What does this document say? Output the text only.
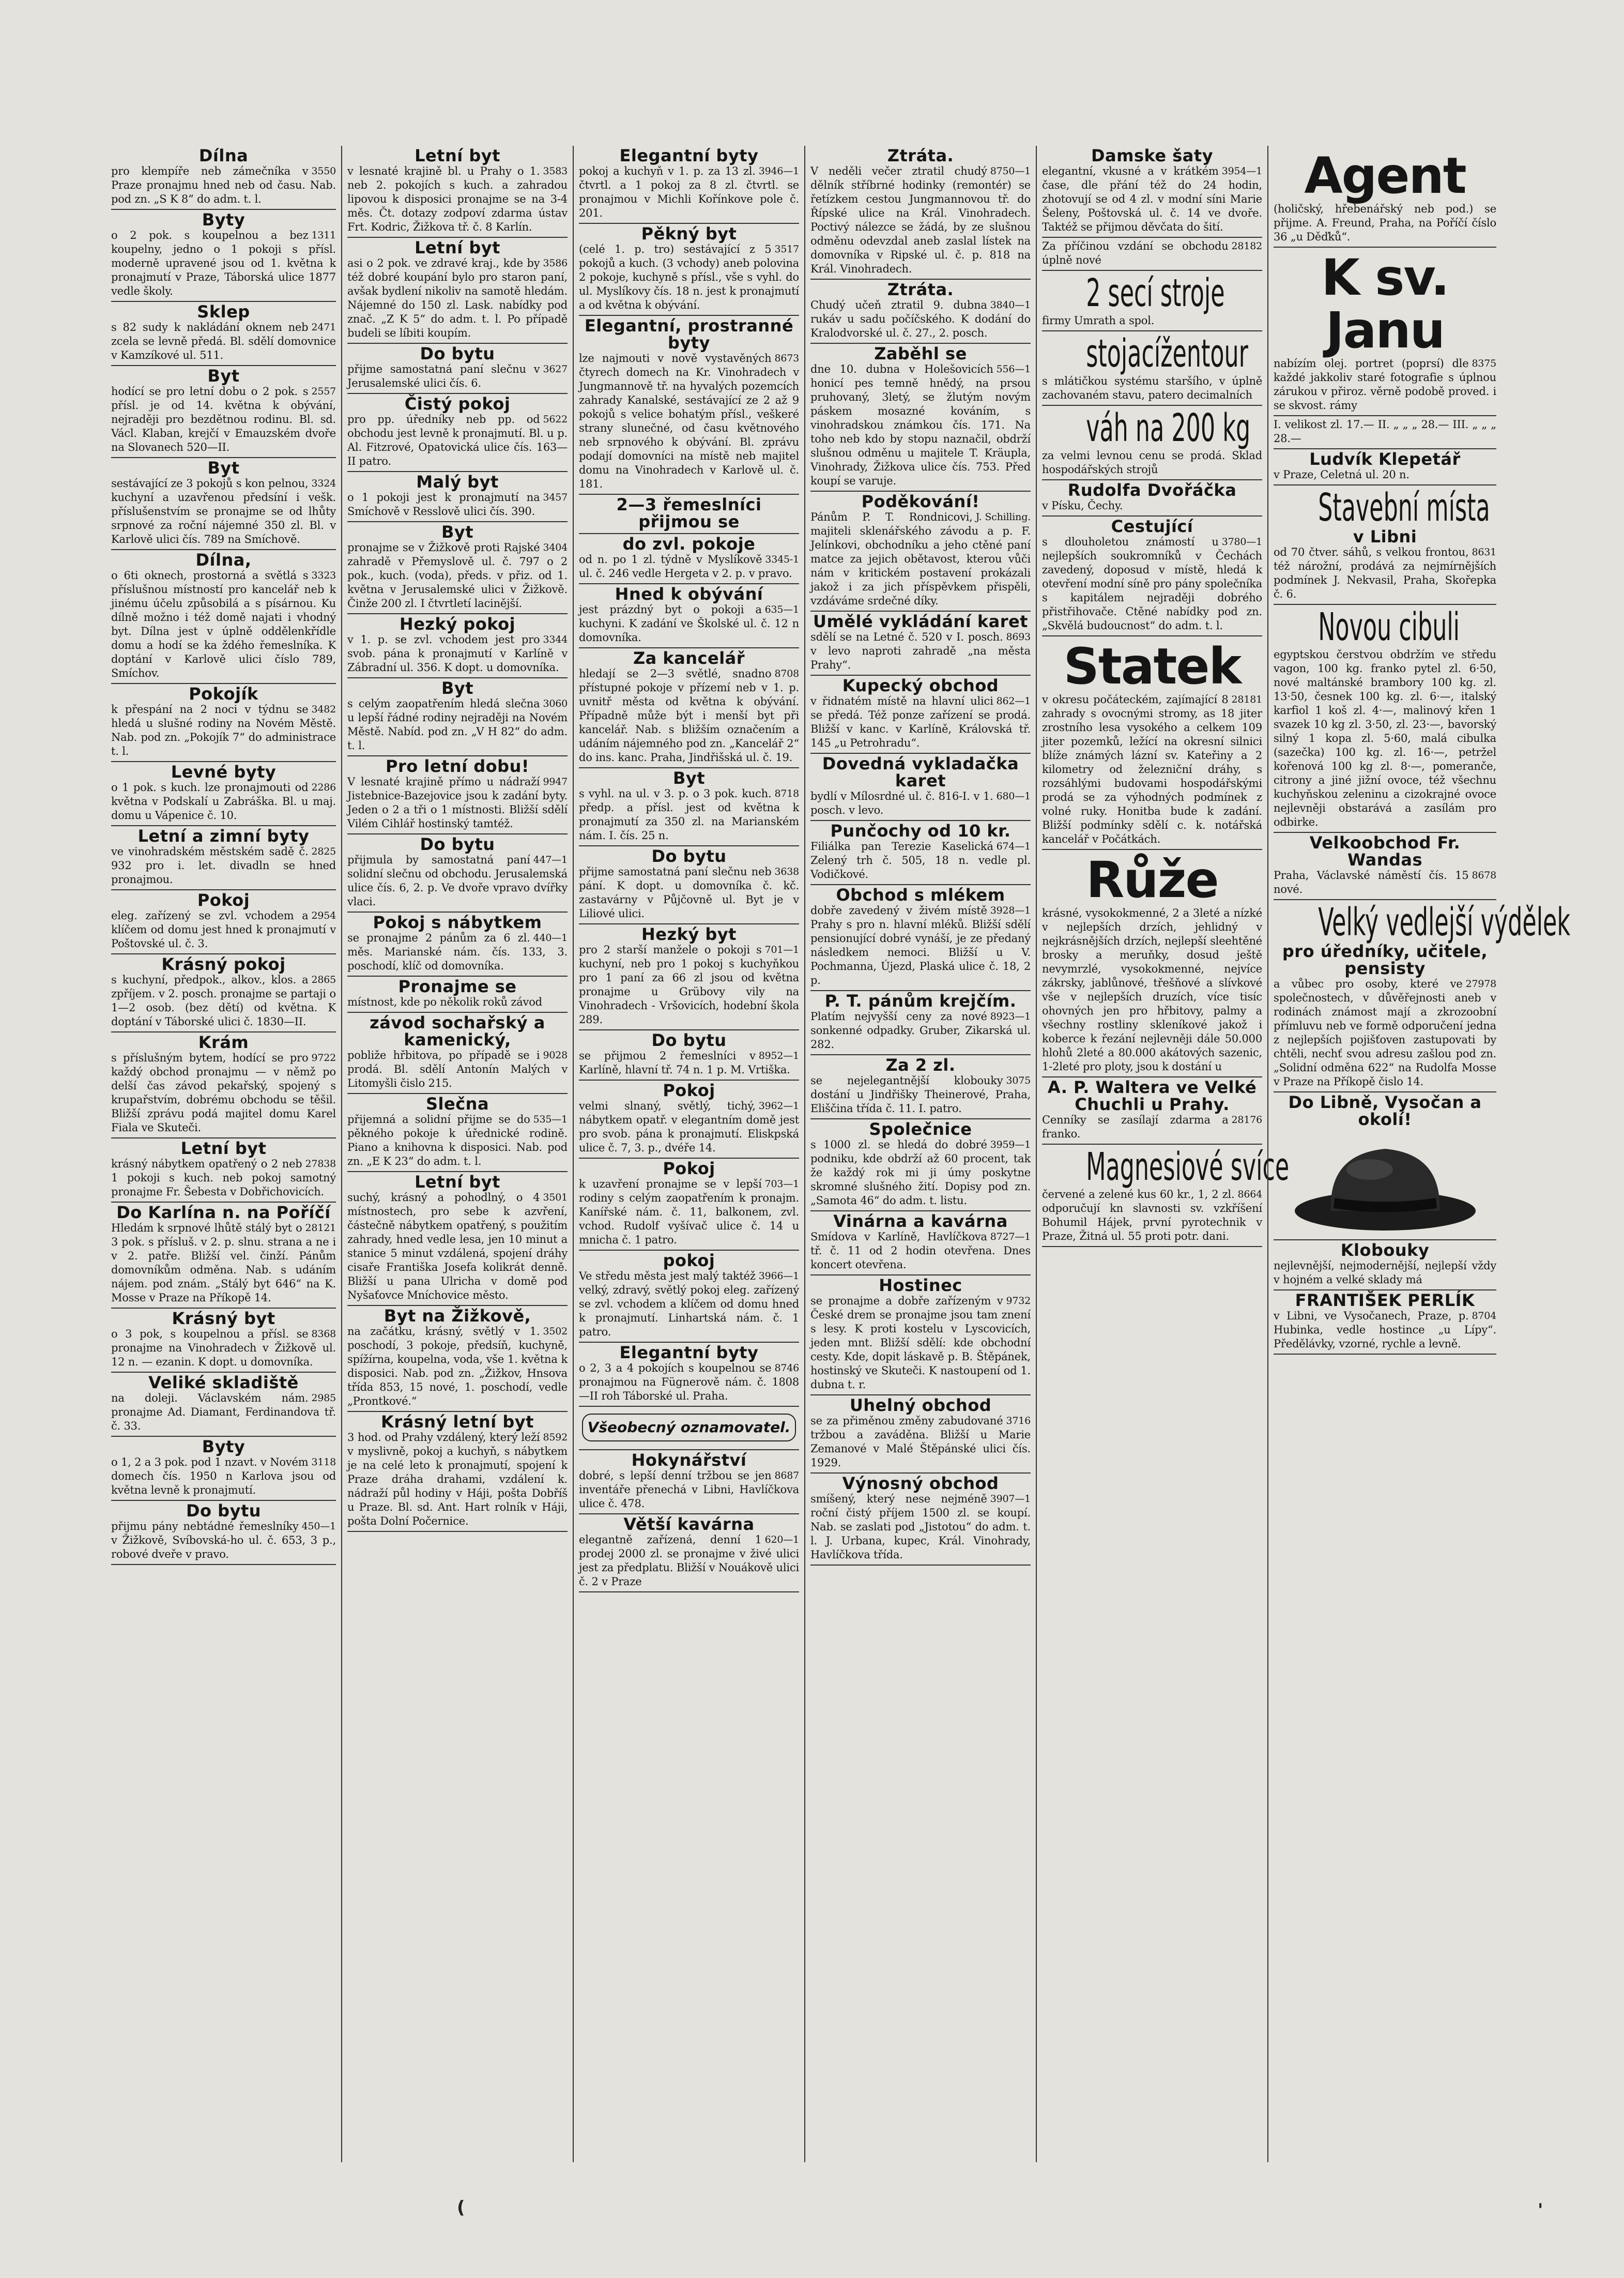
Dílna

3550
pro klempíře neb zámečníka v Praze pronajmu hned neb od času. Nab. pod zn. „S K 8“ do adm. t. l.

Byty

1311
o 2 pok. s koupelnou a bez koupelny, jedno o 1 pokoji s přísl. moderně upravené jsou od 1. května k pronajmutí v Praze, Táborská ulice 1877 vedle školy.

Sklep

2471
s 82 sudy k nakládání oknem neb zcela se levně předá. Bl. sdělí domovnice v Kamzíkové ul. 511.

Byt

2557
hodící se pro letní dobu o 2 pok. s přísl. je od 14. května k obývání, nejraději pro bezdětnou rodinu. Bl. sd. Václ. Klaban, krejčí v Emauzském dvoře na Slovanech 520—II.

Byt

3324
sestávající ze 3 pokojů s kon pelnou, kuchyní a uzavřenou předsíní i vešk. příslušenstvím se pronajme se od lhůty srpnové za roční nájemné 350 zl. Bl. v Karlově ulici čís. 789 na Smíchově.

Dílna,

3323
o 6ti oknech, prostorná a světlá s příslušnou místností pro kancelář neb k jinému účelu způsobilá a s písárnou. Ku dílně možno i též domě najati i vhodný byt. Dílna jest v úplně oddělenkřídle domu a hodí se ka ždého řemeslníka. K doptání v Karlově ulici číslo 789, Smíchov.

Pokojík

3482
k přespání na 2 noci v týdnu se hledá u slušné rodiny na Novém Městě. Nab. pod zn. „Pokojík 7“ do administrace t. l.

Levné byty

2286
o 1 pok. s kuch. lze pronajmouti od května v Podskalí u Zabráška. Bl. u maj. domu u Vápenice č. 10.

Letní a zimní byty

2825
ve vinohradském městském sadě č. 932 pro i. let. divadln se hned pronajmou.

Pokoj

2954
eleg. zařízený se zvl. vchodem a klíčem od domu jest hned k pronajmutí v Poštovské ul. č. 3.

Krásný pokoj

2865
s kuchyní, předpok., alkov., klos. a zpříjem. v 2. posch. pronajme se partaji o 1—2 osob. (bez dětí) od května. K doptání v Táborské ulici č. 1830—II.

Krám

9722
s příslušným bytem, hodící se pro každý obchod pronajmu — v němž po delší čas závod pekařský, spojený s krupařstvím, dobrému obchodu se těšil. Bližší zprávu podá majitel domu Karel Fiala ve Skuteči.

Letní byt

27838
krásný nábytkem opatřený o 2 neb 1 pokoji s kuch. neb pokoj samotný pronajme Fr. Šebesta v Dobřichovicích.

Do Karlína n. na Poříčí

28121
Hledám k srpnové lhůtě stálý byt o 3 pok. s přísluš. v 2. p. slnu. strana a ne i v 2. patře. Bližší vel. činží. Pánům domovníkům odměna. Nab. s udáním nájem. pod znám. „Stálý byt 646“ na K. Mosse v Praze na Příkopě 14.

Krásný byt

8368
o 3 pok, s koupelnou a přísl. se pronajme na Vinohradech v Žižkově ul. 12 n. — ezanin. K dopt. u domovníka.

Veliké skladiště

2985
na doleji. Václavském nám. pronajme Ad. Diamant, Ferdinandova tř. č. 33.

Byty

3118
o 1, 2 a 3 pok. pod 1 nzavt. v Novém domech čís. 1950 n Karlova jsou od května levně k pronajmutí.

Do bytu

450—1
přijmu pány nebtádné řemeslníky v Žižkově, Svíbovská-ho ul. č. 653, 3 p., robové dveře v pravo.

Letní byt

3583
v lesnaté krajině bl. u Prahy o 1. neb 2. pokojích s kuch. a zahradou lipovou k disposici pronajme se na 3-4 měs. Čt. dotazy zodpoví zdarma ústav Frt. Kodric, Žižkova tř. č. 8 Karlín.

Letní byt

3586
asi o 2 pok. ve zdravé kraj., kde by též dobré koupání bylo pro staron paní, avšak bydlení nikoliv na samotě hledám. Nájemné do 150 zl. Lask. nabídky pod znač. „Z K 5“ do adm. t. l. Po případě budeli se líbiti koupím.

Do bytu

3627
přijme samostatná paní slečnu v Jerusalemské ulici čís. 6.

Čistý pokoj

5622
pro pp. úředníky neb pp. od obchodu jest levně k pronajmutí. Bl. u p. Al. Fitzrové, Opatovická ulice čís. 163—II patro.

Malý byt

3457
o 1 pokoji jest k pronajmutí na Smíchově v Resslově ulici čís. 390.

Byt

3404
pronajme se v Žižkově proti Rajské zahradě v Přemyslově ul. č. 797 o 2 pok., kuch. (voda), předs. v přiz. od 1. května v Jerusalemské ulici v Žižkově. Činže 200 zl. I čtvrtletí lacinější.

Hezký pokoj

3344
v 1. p. se zvl. vchodem jest pro svob. pána k pronajmutí v Karlíně v Zábradní ul. 356. K dopt. u domovníka.

Byt

3060
s celým zaopatřením hledá slečna u lepší řádné rodiny nejraději na Novém Městě. Nabíd. pod zn. „V H 82“ do adm. t. l.

Pro letní dobu!

9947
V lesnaté krajině přímo u nádraží Jistebnice-Bazejovice jsou k zadání byty. Jeden o 2 a tři o 1 místnosti. Bližší sdělí Vilém Cihlář hostinský tamtéž.

Do bytu

447—1
přijmula by samostatná paní solidní slečnu od obchodu. Jerusalemská ulice čís. 6, 2. p. Ve dvoře vpravo dvířky vlaci.

Pokoj s nábytkem

440—1
se pronajme 2 pánům za 6 zl. měs. Marianské nám. čís. 133, 3. poschodí, klíč od domovníka.

Pronajme se

místnost, kde po několik roků závod

závod sochařský a kamenický,

9028
pobliže hřbitova, po případě se i prodá. Bl. sdělí Antonín Malých v Litomyšli čislo 215.

Slečna

535—1
přijemná a solidní přijme se do pěkného pokoje k úřednické rodině. Piano a knihovna k disposici. Nab. pod zn. „E K 23“ do adm. t. l.

Letní byt

3501
suchý, krásný a pohodlný, o 4 místnostech, pro sebe k azvření, částečně nábytkem opatřený, s použitím zahrady, hned vedle lesa, jen 10 minut a stanice 5 minut vzdálená, spojení dráhy cisaře Františka Josefa kolikrát denně. Bližší u pana Ulricha v domě pod Nyšaťovce Mníchovice město.

Byt na Žižkově,

3502
na začátku, krásný, světlý v 1. poschodí, 3 pokoje, předsíň, kuchyně, spížírna, koupelna, voda, vše 1. května k disposici. Nab. pod zn. „Žižkov, Hnsova třída 853, 15 nové, 1. poschodí, vedle „Prontkové.“

Krásný letní byt

8592
3 hod. od Prahy vzdálený, který leží v myslivně, pokoj a kuchyň, s nábytkem je na celé leto k pronajmutí, spojení k Praze dráha drahami, vzdálení k. nádraží půl hodiny v Háji, pošta Dobříš u Praze. Bl. sd. Ant. Hart rolník v Háji, pošta Dolní Počernice.

Elegantní byty

3946—1
pokoj a kuchyň v 1. p. za 13 zl. čtvrtl. a 1 pokoj za 8 zl. čtvrtl. se pronajmou v Michli Kořínkove pole č. 201.

Pěkný byt

3517
(celé 1. p. tro) sestávající z 5 pokojů a kuch. (3 vchody) aneb polovina 2 pokoje, kuchyně s přísl., vše s vyhl. do ul. Myslíkovy čís. 18 n. jest k pronajmutí a od května k obývání.

Elegantní, prostranné byty

8673
lze najmouti v nově vystavěných čtyrech domech na Kr. Vinohradech v Jungmannově tř. na hyvalých pozemcích zahrady Kanalské, sestávající ze 2 až 9 pokojů s velice bohatým přísl., veškeré strany slunečné, od času květnového neb srpnového k obývání. Bl. zprávu podají domovníci na místě neb majitel domu na Vinohradech v Karlově ul. č. 181.

2—3 řemeslníci přijmou se
do zvl. pokoje

3345-1
od n. po 1 zl. týdně v Myslíkově ul. č. 246 vedle Hergeta v 2. p. v pravo.

Hned k obývání

635—1
jest prázdný byt o pokoji a kuchyni. K zadání ve Školské ul. č. 12 n domovníka.

Za kancelář

8708
hledají se 2—3 světlé, snadno přístupné pokoje v přízemí neb v 1. p. uvnitř města od května k obývání. Případně může být i menší byt při kancelář. Nab. s bližším označením a udáním nájemného pod zn. „Kancelář 2“ do ins. kanc. Praha, Jindřišská ul. č. 19.

Byt

8718
s vyhl. na ul. v 3. p. o 3 pok. kuch. předp. a přísl. jest od května k pronajmutí za 350 zl. na Marianském nám. I. čís. 25 n.

Do bytu

3638
přijme samostatná paní slečnu neb pání. K dopt. u domovníka č. kč. zastavárny v Půjčovně ul. Byt je v Liliové ulici.

Hezký byt

701—1
pro 2 starší manžele o pokoji s kuchyní, neb pro 1 pokoj s kuchyňkou pro 1 paní za 66 zl jsou od května pronajme u Grübovy vily na Vinohradech - Vršovicích, hodební škola 289.

Do bytu

8952—1
se přijmou 2 řemeslníci v Karlíně, hlavní tř. 74 n. 1 p. M. Vrtiška.

Pokoj

3962—1
velmi slnaný, světlý, tichý, nábytkem opatř. v elegantním domě jest pro svob. pána k pronajmutí. Eliskpská ulice č. 7, 3. p., dvéře 14.

Pokoj

703—1
k uzavření pronajme se v lepší rodiny s celým zaopatřením k pronajm. Kanířské nám. č. 11, balkonem, zvl. vchod. Rudolf vyšívač ulice č. 14 u mnicha č. 1 patro.

pokoj

3966—1
Ve středu města jest malý taktéž velký, zdravý, světlý pokoj eleg. zařízený se zvl. vchodem a klíčem od domu hned k pronajmutí. Linhartská nám. č. 1 patro.

Elegantní byty

8746
o 2, 3 a 4 pokojích s koupelnou se pronajmou na Fügnerově nám. č. 1808—II roh Táborské ul. Praha.

Všeobecný oznamovatel.
Hokynářství

8687
dobré, s lepší denní tržbou se jen inventáře přenechá v Libni, Havlíčkova ulice č. 478.

Větší kavárna

620—1
elegantně zařízená, denní 1 prodej 2000 zl. se pronajme v živé ulici jest za předplatu. Bližší v Nouákově ulici č. 2 v Praze

Ztráta.

8750—1
V neděli večer ztratil chudý dělník stříbrné hodinky (remontér) se řetízkem cestou Jungmannovou tř. do Řípské ulice na Král. Vinohradech. Poctivý nálezce se žádá, by ze slušnou odměnu odevzdal aneb zaslal lístek na domovníka v Ripské ul. č. p. 818 na Král. Vinohradech.

Ztráta.

3840—1
Chudý učeň ztratil 9. dubna rukáv u sadu počíčského. K dodání do Kralodvorské ul. č. 27., 2. posch.

Zaběhl se

556—1
dne 10. dubna v Holešovicích honicí pes temně hnědý, na prsou pruhovaný, 3letý, se žlutým novým páskem mosazné kováním, s vinohradskou známkou čís. 171. Na toho neb kdo by stopu naznačil, obdrží slušnou odměnu u majitele T. Kräupla, Vinohrady, Žižkova ulice čís. 753. Před koupí se varuje.

Poděkování!

J. Schilling.
Pánům P. T. Rondnicovi, majiteli sklenářského závodu a p. F. Jelínkovi, obchodníku a jeho ctěné paní matce za jejich obětavost, kterou vůči nám v kritickém postavení prokázali jakož i za jich příspěvkem přispěli, vzdáváme srdečné díky.

Umělé vykládání karet

8693
sdělí se na Letné č. 520 v I. posch. v levo naproti zahradě „na města Prahy“.

Kupecký obchod

862—1
v řidnatém místě na hlavní ulici se předá. Též ponze zařízení se prodá. Bližší v kanc. v Karlíně, Královská tř. 145 „u Petrohradu“.

Dovedná vykladačka karet

680—1
bydlí v Mílosrdné ul. č. 816-I. v 1. posch. v levo.

Punčochy od 10 kr.

674—1
Filiálka pan Terezie Kaselická Zelený trh č. 505, 18 n. vedle pl. Vodičkové.

Obchod s mlékem

3928—1
dobře zavedený v živém místě Prahy s pro n. hlavní mléků. Bližší sdělí pensionující dobré vynáší, je ze předaný následkem nemoci. Bližší u V. Pochmanna, Újezd, Plaská ulice č. 18, 2 p.

P. T. pánům krejčím.

8923—1
Platím nejvyšší ceny za nové sonkenné odpadky. Gruber, Zikarská ul. 282.

Za 2 zl.

3075
se nejelegantnější klobouky dostání u Jindřišky Theinerové, Praha, Eliščina třída č. 11. I. patro.

Společnice

3959—1
s 1000 zl. se hledá do dobré podniku, kde obdrží až 60 procent, tak že každý rok mi ji úmy poskytne skromné slušného žití. Dopisy pod zn. „Samota 46“ do adm. t. listu.

Vinárna a kavárna

8727—1
Smídova v Karlíně, Havlíčkova tř. č. 11 od 2 hodin otevřena. Dnes koncert otevřena.

Hostinec

9732
se pronajme a dobře zařízeným v České drem se pronajme jsou tam znení s lesy. K proti kostelu v Lyscovicích, jeden mnt. Bližší sdělí: kde obchodní cesty. Kde, dopit láskavě p. B. Štěpánek, hostinský ve Skuteči. K nastoupení od 1. dubna t. r.

Uhelný obchod

3716
se za přiměnou změny zabudované tržbou a zaváděna. Bližší u Marie Zemanové v Malé Štěpánské ulici čís. 1929.

Výnosný obchod

3907—1
smíšený, který nese nejméně roční čistý příjem 1500 zl. se koupí. Nab. se zaslati pod „Jistotou“ do adm. t. l. J. Urbana, kupec, Král. Vinohrady, Havlíčkova třída.

Damske šaty

3954—1
elegantní, vkusné a v krátkém čase, dle přání též do 24 hodin, zhotovují se od 4 zl. v modní síni Marie Šeleny, Poštovská ul. č. 14 ve dvoře. Taktéž se přijmou děvčata do šití.

28182
Za příčinou vzdání se obchodu úplně nové

2 secí stroje

firmy Umrath a spol.

stojacížentour

s mlátičkou systému staršího, v úplně zachovaném stavu, patero decimalních

váh na 200 kg

za velmi levnou cenu se prodá. Sklad hospodářských strojů

Rudolfa Dvořáčka

v Písku, Čechy.

Cestující

3780—1
s dlouholetou známostí u nejlepších soukromníků v Čechách zavedený, doposud v místě, hledá k otevření modní síně pro pány společníka s kapitálem nejraději dobrého přistřihovače. Ctěné nabídky pod zn. „Skvělá budoucnost“ do adm. t. l.

Statek

28181
v okresu počáteckém, zajímající 8 zahrady s ovocnými stromy, as 18 jiter zrostního lesa vysokého a celkem 109 jiter pozemků, ležící na okresní silnici blíže známých lázní sv. Kateřiny a 2 kilometry od železniční dráhy, s rozsáhlými budovami hospodářskými prodá se za výhodných podmínek z volné ruky. Honitba bude k zadání. Bližší podmínky sdělí c. k. notářská kancelář v Počátkách.

Růže

krásné, vysokokmenné, 2 a 3leté a nízké v nejlepších drzích, jehlidný v nejkrásnějších drzích, nejlepší sleehtěné brosky a meruňky, dosud ještě nevymrzlé, vysokokmenné, nejvíce zákrsky, jablůnové, třešňové a slívkové vše v nejlepších druzích, více tisíc ohovných jen pro hřbitovy, palmy a všechny rostliny skleníkové jakož i koberce k řezání nejlevněji dále 50.000 hlohů 2leté a 80.000 akátových sazenic, 1-2leté pro ploty, jsou k dostání u

A. P. Waltera ve Velké Chuchli u Prahy.

28176
Cenníky se zasílají zdarma a franko.

Magnesiové svíce

8664
červené a zelené kus 60 kr., 1, 2 zl. odporučují kn slavnosti sv. vzkříšení Bohumil Hájek, první pyrotechnik v Praze, Žitná ul. 55 proti potr. dani.

Agent

(holičský, hřebenářský neb pod.) se přijme. A. Freund, Praha, na Poříčí číslo 36 „u Děďků“.

K sv. Janu

8375
nabízím olej. portret (poprsí) dle každé jakkoliv staré fotografie s úplnou zárukou v přiroz. věrně podobě proved. i se skvost. rámy

I. velikost zl. 17.— II. „ „ „ 28.— III. „ „ „ 28.—

Ludvík Klepetář

v Praze, Celetná ul. 20 n.

Stavební místa
v Libni

8631
od 70 čtver. sáhů, s velkou frontou, též nárožní, prodává za nejmírnějších podmínek J. Nekvasil, Praha, Skořepka č. 6.

Novou cibuli

egyptskou čerstvou obdržím ve středu vagon, 100 kg. franko pytel zl. 6·50, nové maltánské brambory 100 kg. zl. 13·50, česnek 100 kg. zl. 6·—, italský karfiol 1 koš zl. 4·—, malinový křen 1 svazek 10 kg zl. 3·50, zl. 23·—, bavorský silný 1 kopa zl. 5·60, malá cibulka (sazečka) 100 kg. zl. 16·—, petržel kořenová 100 kg zl. 8·—, pomeranče, citrony a jiné jižní ovoce, též všechnu kuchyňskou zeleninu a cizokrajné ovoce nejlevněji obstarává a zasílám pro odbirke.

Velkoobchod Fr. Wandas

8678
Praha, Václavské náměstí čís. 15 nové.

Velký vedlejší výdělek
pro úředníky, učitele, pensisty

27978
a vůbec pro osoby, které ve společnostech, v důvěřejnosti aneb v rodinách známost mají a zkrozoobní přímluvu neb ve formě odporučení jedna z nejlepších pojišťoven zastupovati by chtěli, nechť svou adresu zašlou pod zn. „Solidní odměna 622“ na Rudolfa Mosse v Praze na Příkopě čislo 14.

Do Libně, Vysočan a okolí!
Klobouky

nejlevnější, nejmodernější, nejlepší vždy v hojném a velké sklady má

FRANTIŠEK PERLÍK

8704
v Libni, ve Vysočanech, Praze, p. Hubinka, vedle hostince „u Lípy“. Předělávky, vzorné, rychle a levně.

(	'
